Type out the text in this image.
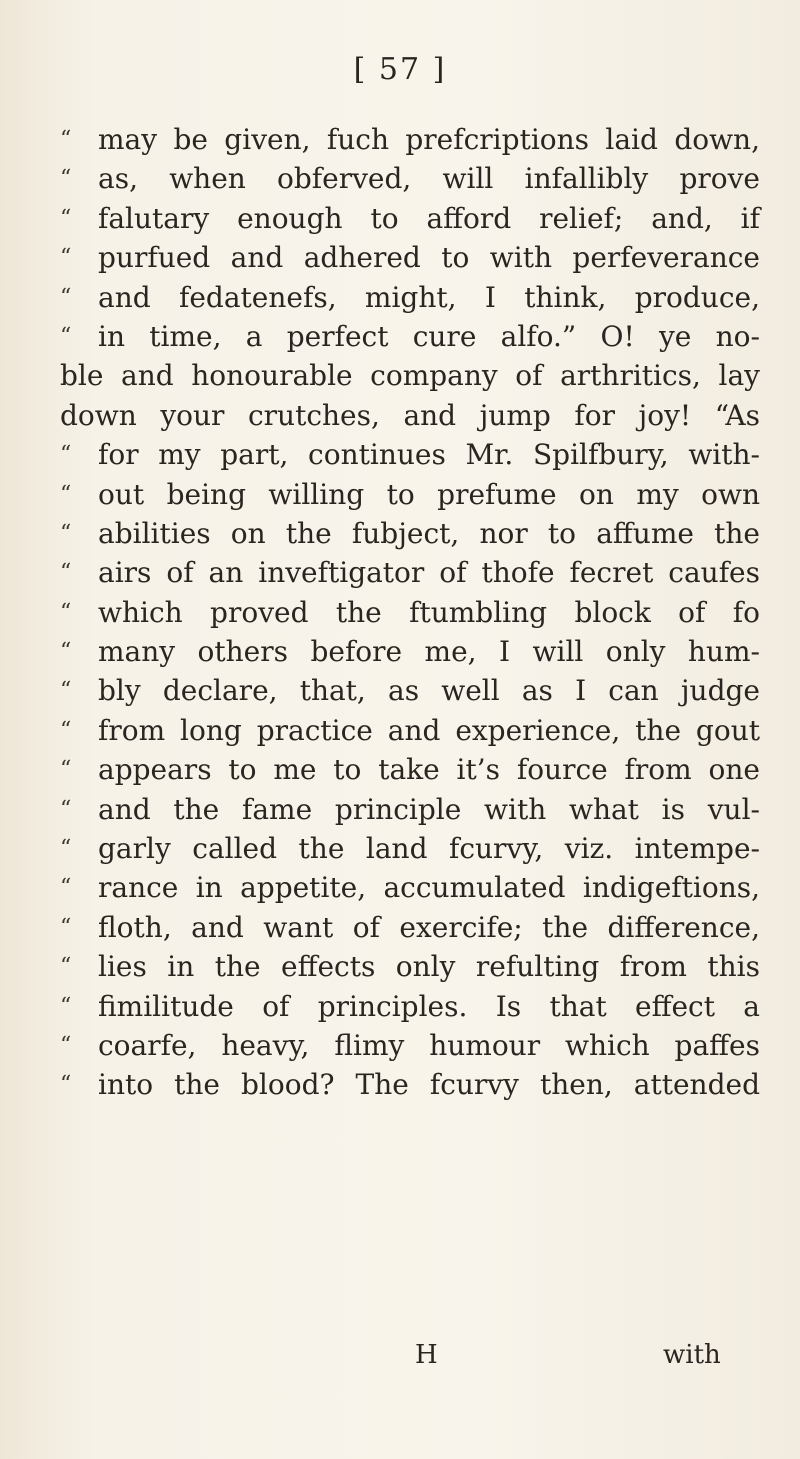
[ 57 ]
“ may be given, fuch prefcriptions laid down,
“ as, when obferved, will infallibly prove
“ falutary enough to afford relief; and, if
“ purfued and adhered to with perfeverance
“ and fedatenefs, might, I think, produce,
“ in time, a perfect cure alfo.” O! ye no-
ble and honourable company of arthritics, lay
down your crutches, and jump for joy! “As
“ for my part, continues Mr. Spilfbury, with-
“ out being willing to prefume on my own
“ abilities on the fubject, nor to affume the
“ airs of an inveftigator of thofe fecret caufes
“ which proved the ftumbling block of fo
“ many others before me, I will only hum-
“ bly declare, that, as well as I can judge
“ from long practice and experience, the gout
“ appears to me to take it’s fource from one
“ and the fame principle with what is vul-
“ garly called the land fcurvy, viz. intempe-
“ rance in appetite, accumulated indigeftions,
“ floth, and want of exercife; the difference,
“ lies in the effects only refulting from this
“ fimilitude of principles. Is that effect a
“ coarfe, heavy, flimy humour which paffes
“ into the blood? The fcurvy then, attended
H	with
